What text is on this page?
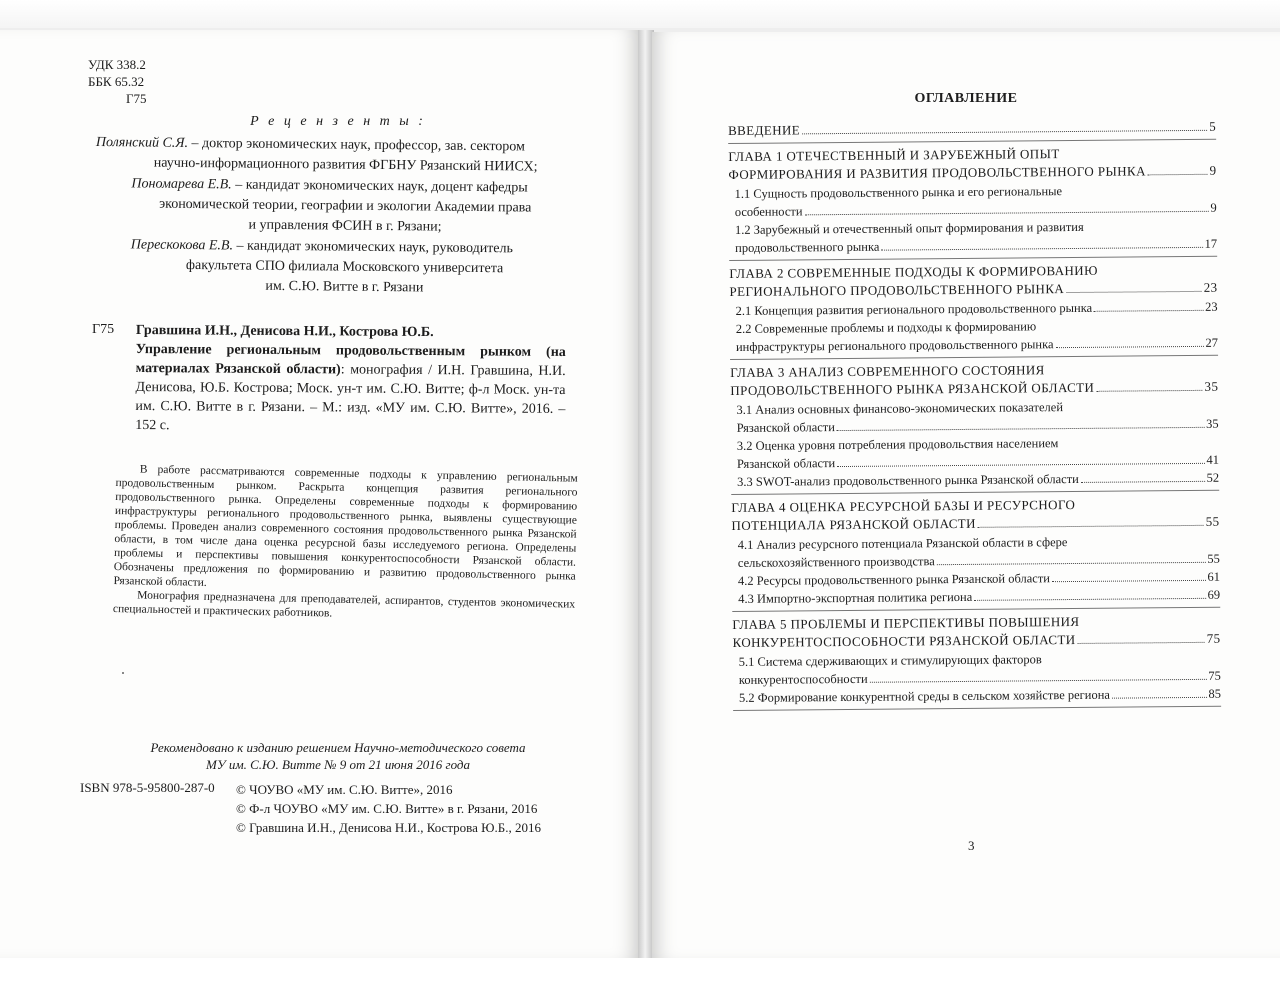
УДК 338.2
ББК 65.32
Г75
Р е ц е н з е н т ы :
Полянский С.Я. – доктор экономических наук, профессор, зав. сектором
научно-информационного развития ФГБНУ Рязанский НИИСХ;
Пономарева Е.В. – кандидат экономических наук, доцент кафедры
экономической теории, географии и экологии Академии права
и управления ФСИН в г. Рязани;
Перескокова Е.В. – кандидат экономических наук, руководитель
факультета СПО филиала Московского университета
им. С.Ю. Витте в г. Рязани
Г75 Гравшина И.Н., Денисова Н.И., Кострова Ю.Б.
Управление региональным продовольственным рынком (на материалах Рязанской области): монография / И.Н. Гравшина, Н.И. Денисова, Ю.Б. Кострова; Моск. ун-т им. С.Ю. Витте; ф-л Моск. ун-та им. С.Ю. Витте в г. Рязани. – М.: изд. «МУ им. С.Ю. Витте», 2016. – 152 с.

В работе рассматриваются современные подходы к управлению региональным продовольственным рынком. Раскрыта концепция развития регионального продовольственного рынка. Определены современные подходы к формированию инфраструктуры регионального продовольственного рынка, выявлены существующие проблемы. Проведен анализ современного состояния продовольственного рынка Рязанской области, в том числе дана оценка ресурсной базы исследуемого региона. Определены проблемы и перспективы повышения конкурентоспособности Рязанской области. Обозначены предложения по формированию и развитию продовольственного рынка Рязанской области.

Монография предназначена для преподавателей, аспирантов, студентов экономических специальностей и практических работников.

Рекомендовано к изданию решением Научно-методического совета
МУ им. С.Ю. Витте № 9 от 21 июня 2016 года
ISBN 978-5-95800-287-0 © ЧОУВО «МУ им. С.Ю. Витте», 2016
© Ф-л ЧОУВО «МУ им. С.Ю. Витте» в г. Рязани, 2016
© Гравшина И.Н., Денисова Н.И., Кострова Ю.Б., 2016
ОГЛАВЛЕНИЕ
ВВЕДЕНИЕ	5
ГЛАВА 1 ОТЕЧЕСТВЕННЫЙ И ЗАРУБЕЖНЫЙ ОПЫТ
ФОРМИРОВАНИЯ И РАЗВИТИЯ ПРОДОВОЛЬСТВЕННОГО РЫНКА	9
1.1 Сущность продовольственного рынка и его региональные
особенности	9
1.2 Зарубежный и отечественный опыт формирования и развития
продовольственного рынка	17
ГЛАВА 2 СОВРЕМЕННЫЕ ПОДХОДЫ К ФОРМИРОВАНИЮ
РЕГИОНАЛЬНОГО ПРОДОВОЛЬСТВЕННОГО РЫНКА	23
2.1 Концепция развития регионального продовольственного рынка	23
2.2 Современные проблемы и подходы к формированию
инфраструктуры регионального продовольственного рынка	27
ГЛАВА 3 АНАЛИЗ СОВРЕМЕННОГО СОСТОЯНИЯ
ПРОДОВОЛЬСТВЕННОГО РЫНКА РЯЗАНСКОЙ ОБЛАСТИ	35
3.1 Анализ основных финансово-экономических показателей
Рязанской области	35
3.2 Оценка уровня потребления продовольствия населением
Рязанской области	41
3.3 SWOT-анализ продовольственного рынка Рязанской области	52
ГЛАВА 4 ОЦЕНКА РЕСУРСНОЙ БАЗЫ И РЕСУРСНОГО
ПОТЕНЦИАЛА РЯЗАНСКОЙ ОБЛАСТИ	55
4.1 Анализ ресурсного потенциала Рязанской области в сфере
сельскохозяйственного производства	55
4.2 Ресурсы продовольственного рынка Рязанской области	61
4.3 Импортно-экспортная политика региона	69
ГЛАВА 5 ПРОБЛЕМЫ И ПЕРСПЕКТИВЫ ПОВЫШЕНИЯ
КОНКУРЕНТОСПОСОБНОСТИ РЯЗАНСКОЙ ОБЛАСТИ	75
5.1 Система сдерживающих и стимулирующих факторов
конкурентоспособности	75
5.2 Формирование конкурентной среды в сельском хозяйстве региона	85
3
